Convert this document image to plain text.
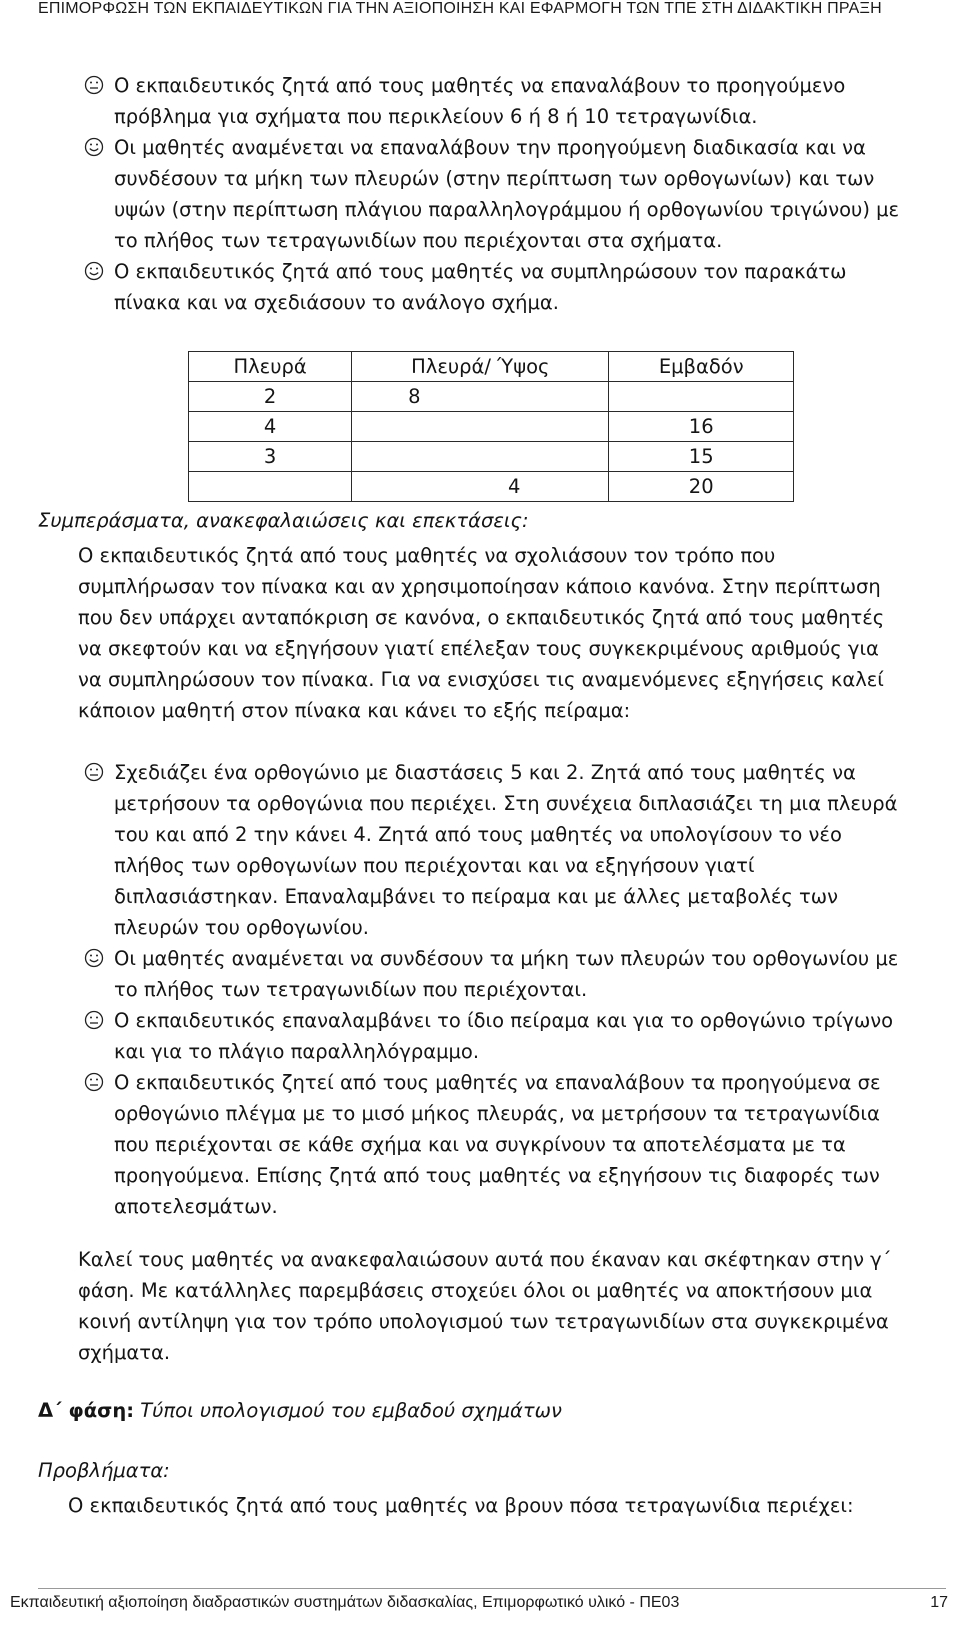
ΕΠΙΜΟΡΦΩΣΗ ΤΩΝ ΕΚΠΑΙΔΕΥΤΙΚΩΝ ΓΙΑ ΤΗΝ ΑΞΙΟΠΟΙΗΣΗ ΚΑΙ ΕΦΑΡΜΟΓΗ ΤΩΝ ΤΠΕ ΣΤΗ ΔΙΔΑΚΤΙΚΗ ΠΡΑΞΗ
Ο εκπαιδευτικός ζητά από τους μαθητές να επαναλάβουν το προηγούμενο πρόβλημα για σχήματα που περικλείουν 6 ή 8 ή 10 τετραγωνίδια.
Οι μαθητές αναμένεται να επαναλάβουν την προηγούμενη διαδικασία και να συνδέσουν τα μήκη των πλευρών (στην περίπτωση των ορθογωνίων) και των υψών (στην περίπτωση πλάγιου παραλληλογράμμου ή ορθογωνίου τριγώνου) με το πλήθος των τετραγωνιδίων που περιέχονται στα σχήματα.
Ο εκπαιδευτικός ζητά από τους μαθητές να συμπληρώσουν τον παρακάτω πίνακα και να σχεδιάσουν το ανάλογο σχήμα.
Πλευρά	Πλευρά/ Ύψος	Εμβαδόν
2	8	
4		16
3		15
	4	20
Συμπεράσματα, ανακεφαλαιώσεις και επεκτάσεις:
Ο εκπαιδευτικός ζητά από τους μαθητές να σχολιάσουν τον τρόπο που συμπλήρωσαν τον πίνακα και αν χρησιμοποίησαν κάποιο κανόνα. Στην περίπτωση που δεν υπάρχει ανταπόκριση σε κανόνα, ο εκπαιδευτικός ζητά από τους μαθητές να σκεφτούν και να εξηγήσουν γιατί επέλεξαν τους συγκεκριμένους αριθμούς για να συμπληρώσουν τον πίνακα. Για να ενισχύσει τις αναμενόμενες εξηγήσεις καλεί κάποιον μαθητή στον πίνακα και κάνει το εξής πείραμα:
Σχεδιάζει ένα ορθογώνιο με διαστάσεις 5 και 2. Ζητά από τους μαθητές να μετρήσουν τα ορθογώνια που περιέχει. Στη συνέχεια διπλασιάζει τη μια πλευρά του και από 2 την κάνει 4. Ζητά από τους μαθητές να υπολογίσουν το νέο πλήθος των ορθογωνίων που περιέχονται και να εξηγήσουν γιατί διπλασιάστηκαν. Επαναλαμβάνει το πείραμα και με άλλες μεταβολές των πλευρών του ορθογωνίου.
Οι μαθητές αναμένεται να συνδέσουν τα μήκη των πλευρών του ορθογωνίου με το πλήθος των τετραγωνιδίων που περιέχονται.
Ο εκπαιδευτικός επαναλαμβάνει το ίδιο πείραμα και για το ορθογώνιο τρίγωνο και για το πλάγιο παραλληλόγραμμο.
Ο εκπαιδευτικός ζητεί από τους μαθητές να επαναλάβουν τα προηγούμενα σε ορθογώνιο πλέγμα με το μισό μήκος πλευράς, να μετρήσουν τα τετραγωνίδια που περιέχονται σε κάθε σχήμα και να συγκρίνουν τα αποτελέσματα με τα προηγούμενα. Επίσης ζητά από τους μαθητές να εξηγήσουν τις διαφορές των αποτελεσμάτων.
Καλεί τους μαθητές να ανακεφαλαιώσουν αυτά που έκαναν και σκέφτηκαν στην γ΄ φάση. Με κατάλληλες παρεμβάσεις στοχεύει όλοι οι μαθητές να αποκτήσουν μια κοινή αντίληψη για τον τρόπο υπολογισμού των τετραγωνιδίων στα συγκεκριμένα σχήματα.
Δ΄ φάση: Τύποι υπολογισμού του εμβαδού σχημάτων
Προβλήματα:
Ο εκπαιδευτικός ζητά από τους μαθητές να βρουν πόσα τετραγωνίδια περιέχει:
Εκπαιδευτική αξιοποίηση διαδραστικών συστημάτων διδασκαλίας, Επιμορφωτικό υλικό - ΠΕ03	17
